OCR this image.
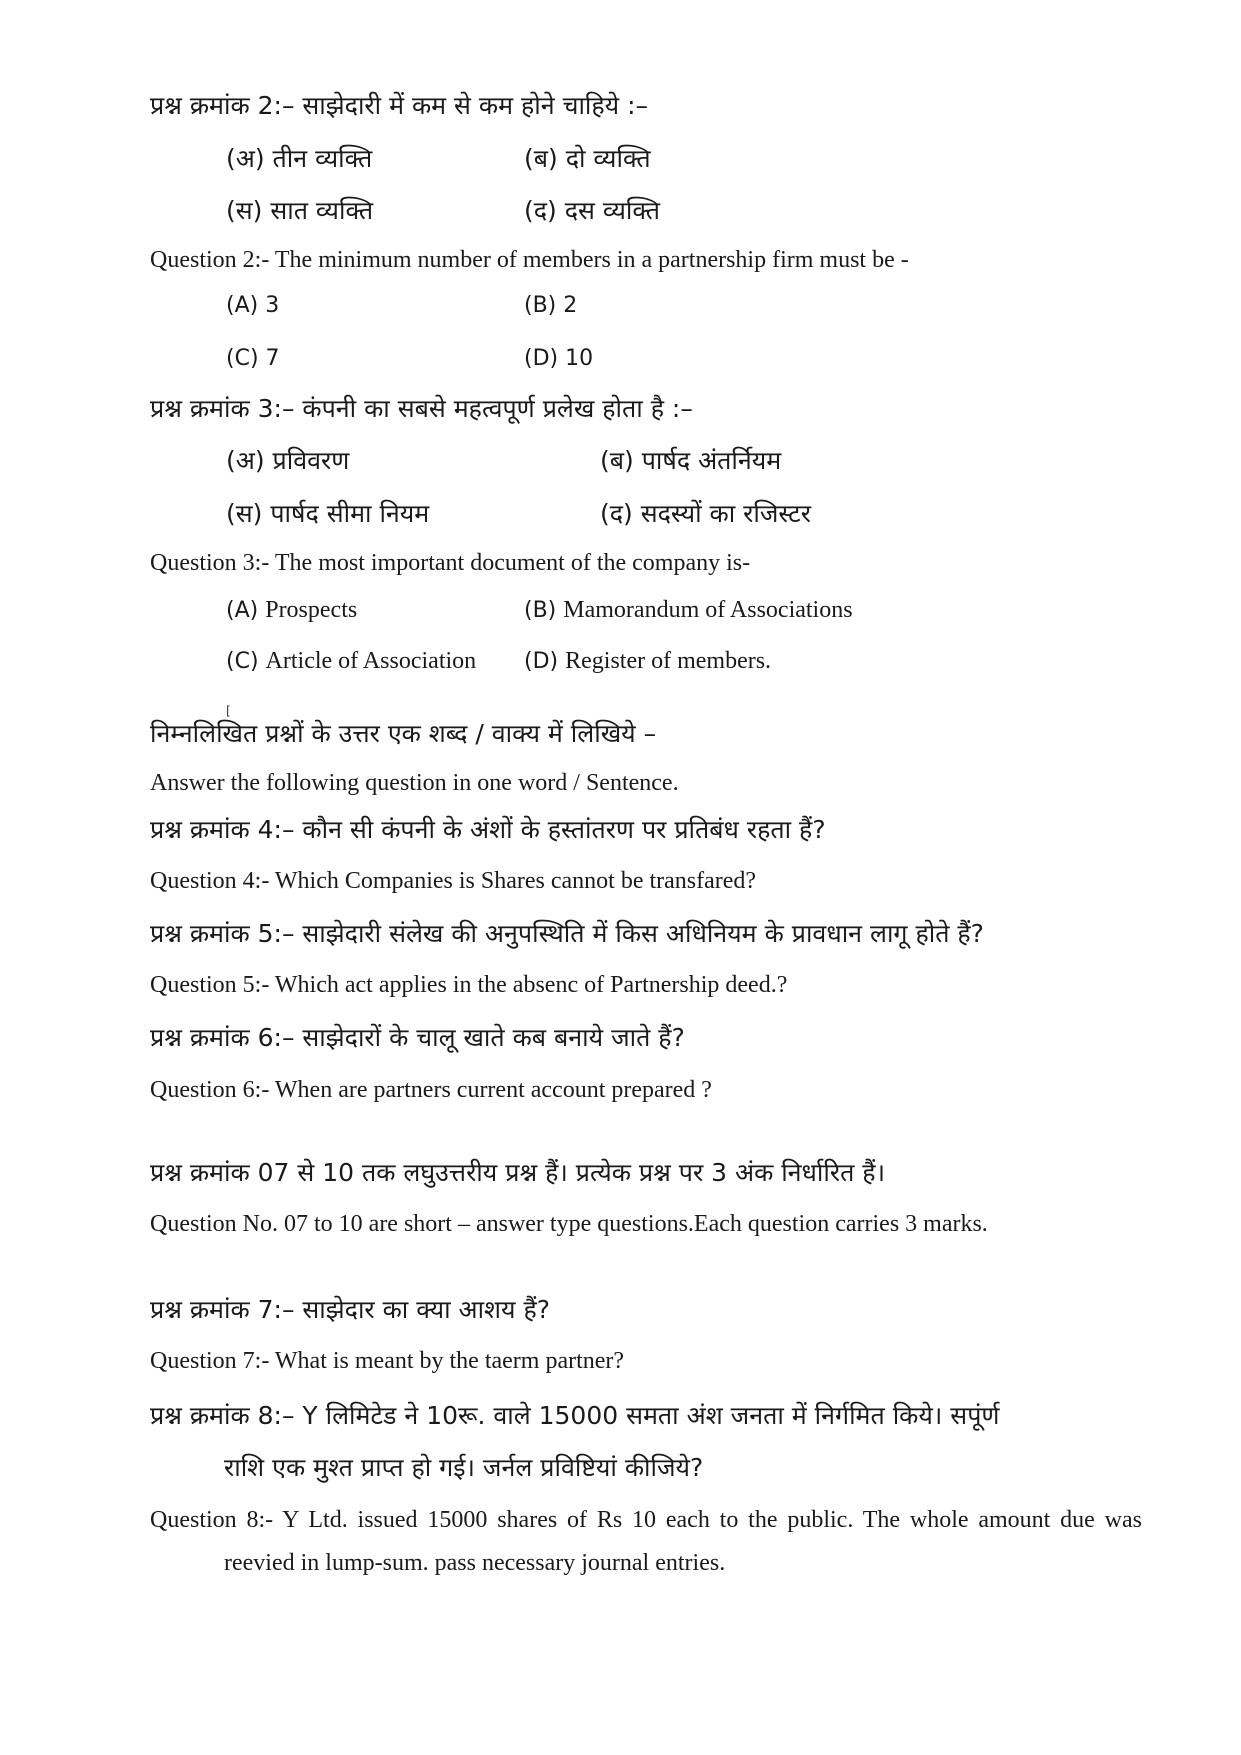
प्रश्न क्रमांक 2:– साझेदारी में कम से कम होने चाहिये :–
(अ) तीन व्यक्ति	(ब) दो व्यक्ति
(स) सात व्यक्ति	(द) दस व्यक्ति
Question 2:- The minimum number of members in a partnership firm must be -
(A) 3	(B) 2
(C) 7	(D) 10
प्रश्न क्रमांक 3:– कंपनी का सबसे महत्वपूर्ण प्रलेख होता है :–
(अ) प्रविवरण	(ब) पार्षद अंतर्नियम
(स) पार्षद सीमा नियम	(द) सदस्यों का रजिस्टर
Question 3:- The most important document of the company is-
(A) Prospects	(B) Mamorandum of Associations
(C) Article of Association (D) Register of members.
[
निम्नलिखित प्रश्नों के उत्तर एक शब्द / वाक्य में लिखिये –
Answer the following question in one word / Sentence.
प्रश्न क्रमांक 4:– कौन सी कंपनी के अंशों के हस्तांतरण पर प्रतिबंध रहता हैं?
Question 4:- Which Companies is Shares cannot be transfared?
प्रश्न क्रमांक 5:– साझेदारी संलेख की अनुपस्थिति में किस अधिनियम के प्रावधान लागू होते हैं?
Question 5:- Which act applies in the absenc of Partnership deed.?
प्रश्न क्रमांक 6:– साझेदारों के चालू खाते कब बनाये जाते हैं?
Question 6:- When are partners current account prepared ?
प्रश्न क्रमांक 07 से 10 तक लघुउत्तरीय प्रश्न हैं। प्रत्येक प्रश्न पर 3 अंक निर्धारित हैं।
Question No. 07 to 10 are short – answer type questions.Each question carries 3 marks.
प्रश्न क्रमांक 7:– साझेदार का क्या आशय हैं?
Question 7:- What is meant by the taerm partner?
प्रश्न क्रमांक 8:– Y लिमिटेड ने 10रू. वाले 15000 समता अंश जनता में निर्गमित किये। सपूंर्ण
राशि एक मुश्त प्राप्त हो गई। जर्नल प्रविष्टियां कीजिये?
Question 8:- Y Ltd. issued 15000 shares of Rs 10 each to the public. The whole amount due was
reevied in lump-sum. pass necessary journal entries.
